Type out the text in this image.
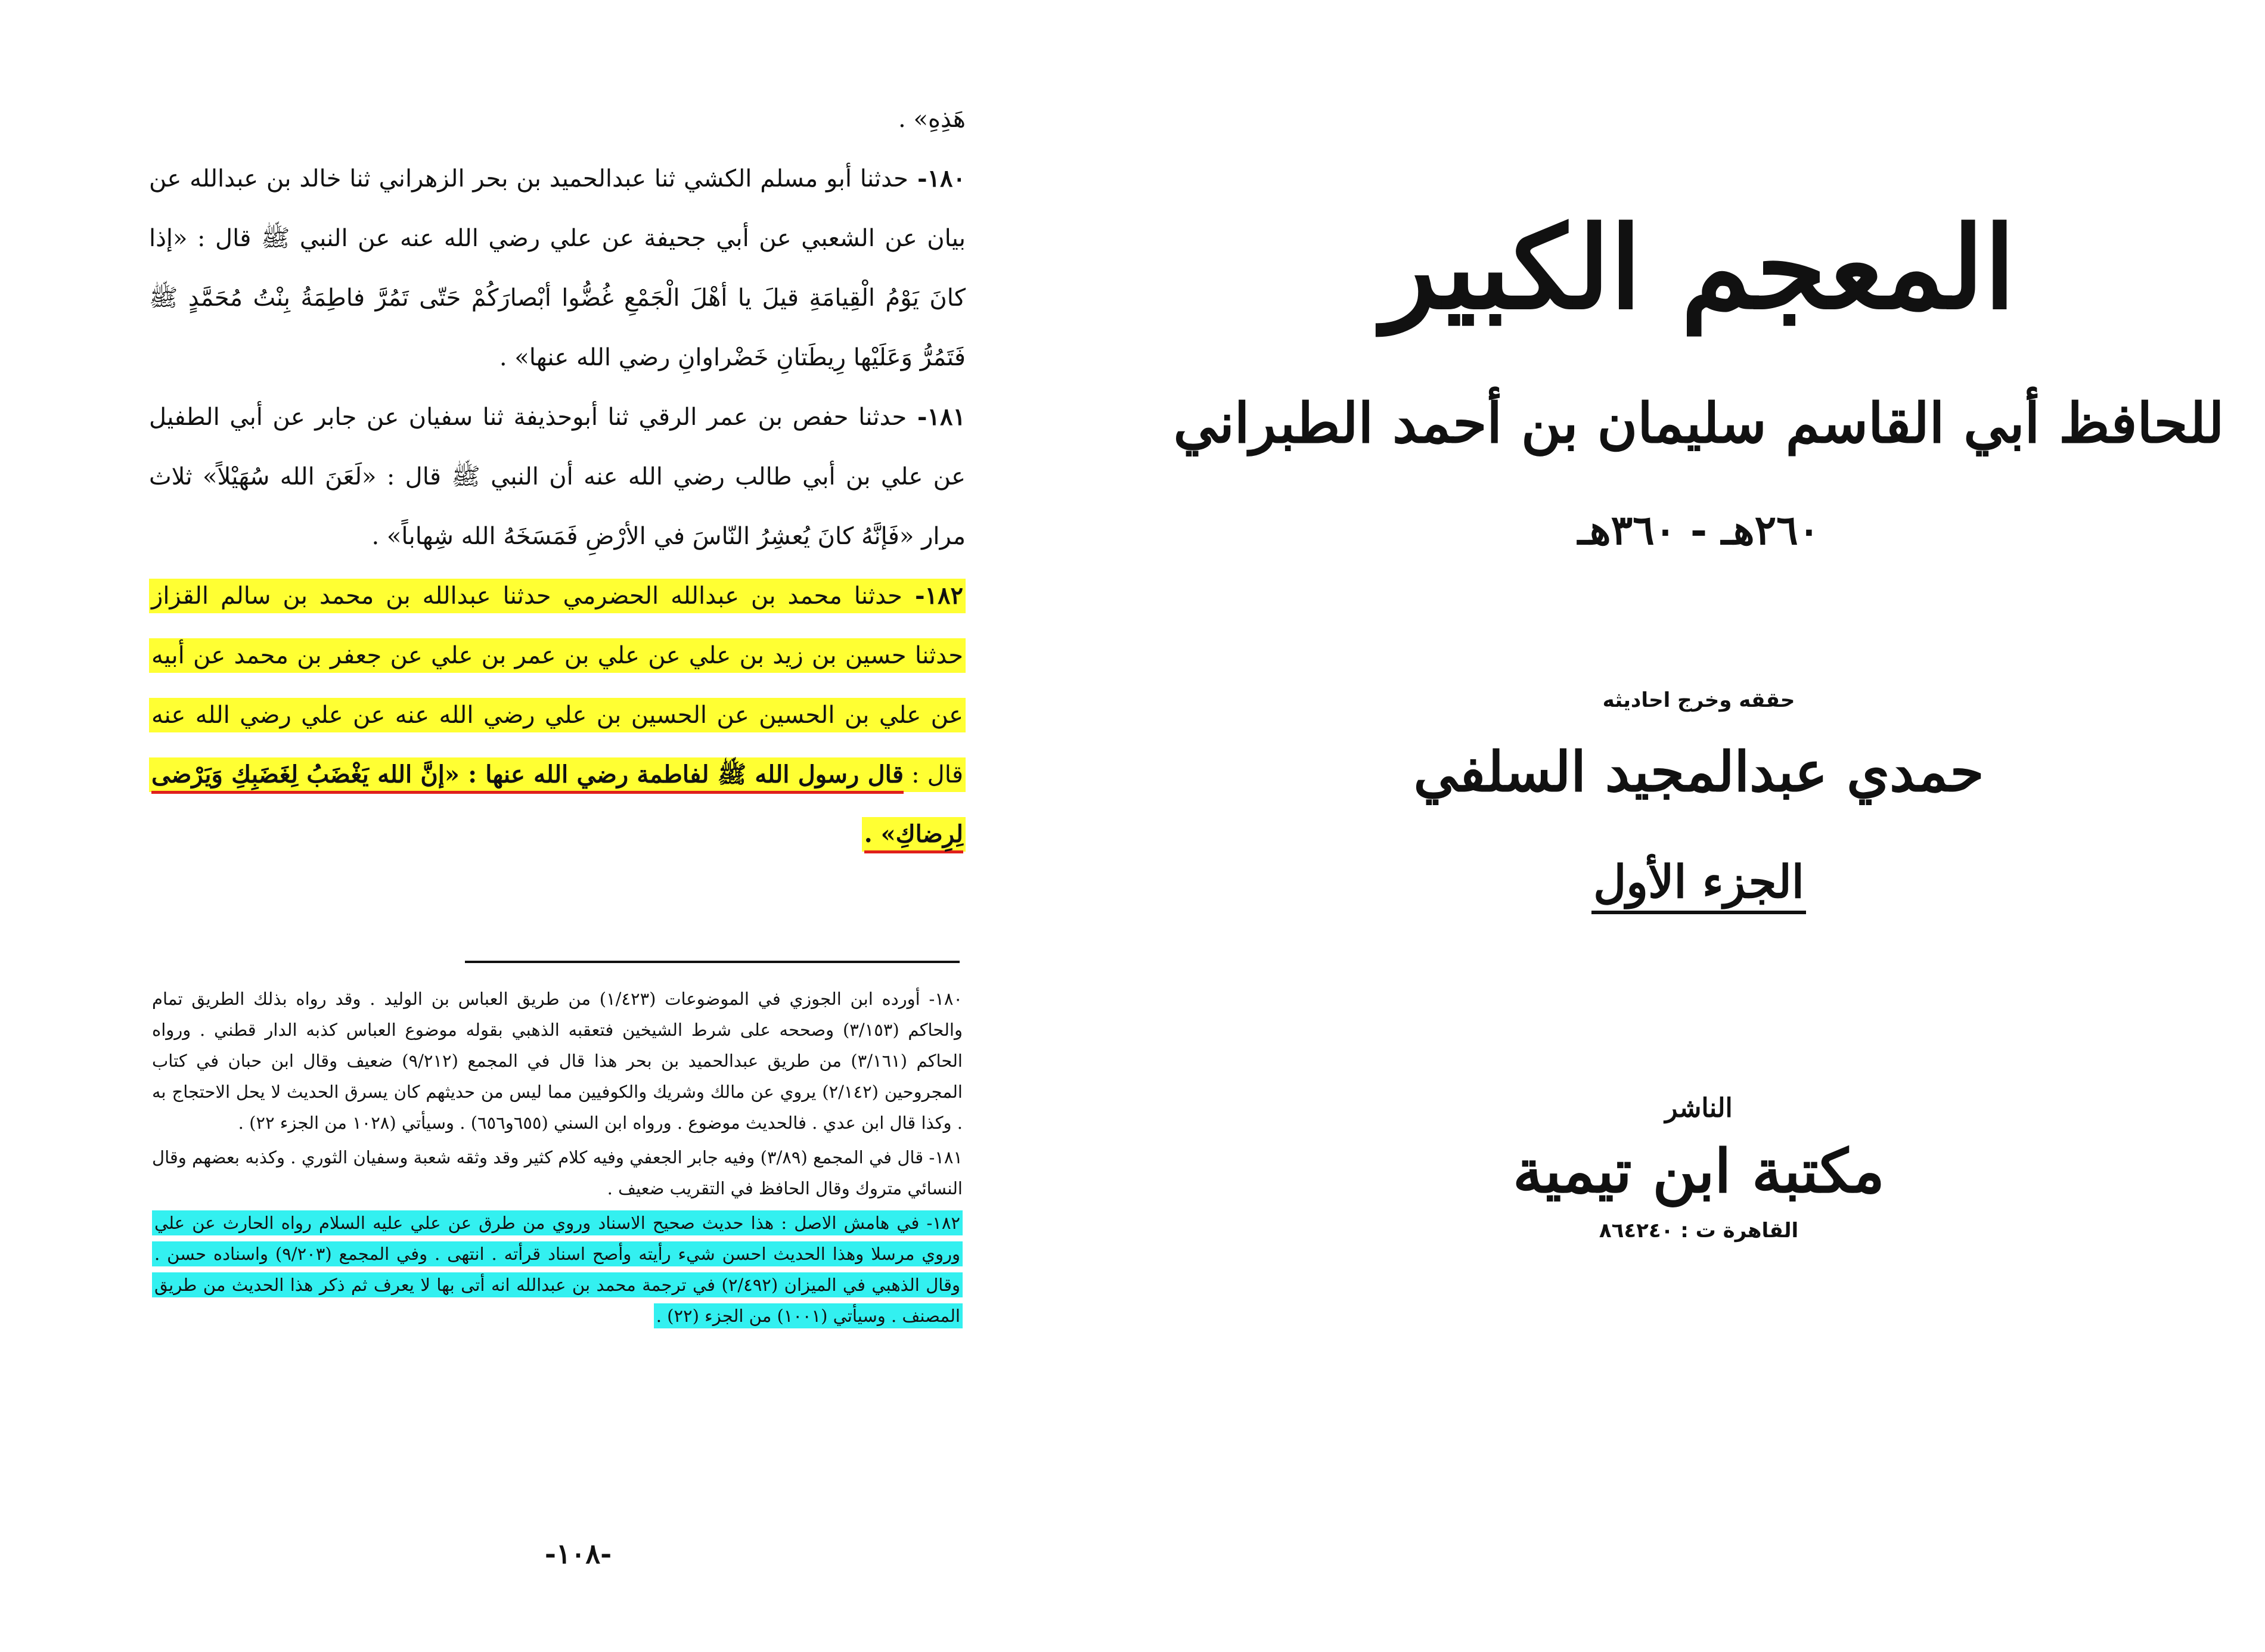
هَذِهِ» .

١٨٠- حدثنا أبو مسلم الكشي ثنا عبدالحميد بن بحر الزهراني ثنا خالد بن عبدالله عن بيان عن الشعبي عن أبي جحيفة عن علي رضي الله عنه عن النبي ﷺ قال : «إذا كانَ يَوْمُ الْقِيامَةِ قيلَ يا أهْلَ الْجَمْعِ غُضُّوا أبْصارَكُمْ حَتّى تَمُرَّ فاطِمَةُ بِنْتُ مُحَمَّدٍ ﷺ فَتَمُرُّ وَعَلَيْها رِيطَتانِ خَضْراوانِ رضي الله عنها» .

١٨١- حدثنا حفص بن عمر الرقي ثنا أبوحذيفة ثنا سفيان عن جابر عن أبي الطفيل عن علي بن أبي طالب رضي الله عنه أن النبي ﷺ قال : «لَعَنَ الله سُهَيْلاً» ثلاث مرار «فَإنَّهُ كانَ يُعشِرُ النّاسَ في الأرْضِ فَمَسَخَهُ الله شِهاباً» .

١٨٢- حدثنا محمد بن عبدالله الحضرمي حدثنا عبدالله بن محمد بن سالم القزاز حدثنا حسين بن زيد بن علي عن علي بن عمر بن علي عن جعفر بن محمد عن أبيه عن علي بن الحسين عن الحسين بن علي رضي الله عنه عن علي رضي الله عنه قال : قال رسول الله ﷺ لفاطمة رضي الله عنها : «إنَّ الله يَغْضَبُ لِغَضَبِكِ وَيَرْضى لِرِضاكِ» .

١٨٠- أورده ابن الجوزي في الموضوعات (١/٤٢٣) من طريق العباس بن الوليد . وقد رواه بذلك الطريق تمام والحاكم (٣/١٥٣) وصححه على شرط الشيخين فتعقبه الذهبي بقوله موضوع العباس كذبه الدار قطني . ورواه الحاكم (٣/١٦١) من طريق عبدالحميد بن بحر هذا قال في المجمع (٩/٢١٢) ضعيف وقال ابن حبان في كتاب المجروحين (٢/١٤٢) يروي عن مالك وشريك والكوفيين مما ليس من حديثهم كان يسرق الحديث لا يحل الاحتجاج به . وكذا قال ابن عدي . فالحديث موضوع . ورواه ابن السني (٦٥٥و٦٥٦) . وسيأتي (١٠٢٨ من الجزء ٢٢) .

١٨١- قال في المجمع (٣/٨٩) وفيه جابر الجعفي وفيه كلام كثير وقد وثقه شعبة وسفيان الثوري . وكذبه بعضهم وقال النسائي متروك وقال الحافظ في التقريب ضعيف .

١٨٢- في هامش الاصل : هذا حديث صحيح الاسناد وروي من طرق عن علي عليه السلام رواه الحارث عن علي وروي مرسلا وهذا الحديث احسن شيء رأيته وأصح اسناد قرأته . انتهى . وفي المجمع (٩/٢٠٣) واسناده حسن . وقال الذهبي في الميزان (٢/٤٩٢) في ترجمة محمد بن عبدالله انه أتى بها لا يعرف ثم ذكر هذا الحديث من طريق المصنف . وسيأتي (١٠٠١) من الجزء (٢٢) .

-١٠٨-
المعجم الكبير
للحافظ أبي القاسم سليمان بن أحمد الطبراني
٢٦٠هـ - ٣٦٠هـ
حققه وخرج احاديثه
حمدي عبدالمجيد السلفي
الجزء الأول
الناشر
مكتبة ابن تيمية
القاهرة ت : ٨٦٤٢٤٠
